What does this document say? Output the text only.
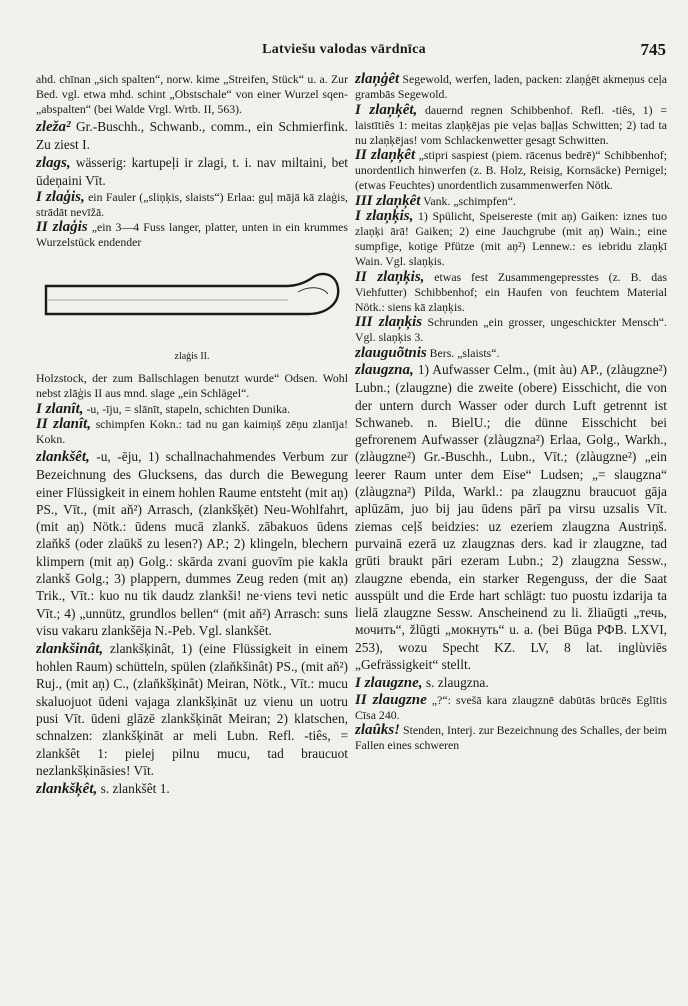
Latviešu valodas vārdnīca	745

ahd. chīnan „sich spalten“, norw. kime „Streifen, Stück“ u. a. Zur Bed. vgl. etwa mhd. schint „Obstschale“ von einer Wurzel sqen- „abspalten“ (bei Walde Vrgl. Wrtb. II, 563).

zleža² Gr.-Buschh., Schwanb., comm., ein Schmierfink. Zu ziest I.

zlags, wässerig: kartupeļi ir zlagi, t. i. nav miltaini, bet ūdeņaini Vīt.

I zlaģis, ein Fauler („sliņķis, slaists“) Erlaa: guļ mājā kā zlaģis, strādāt nevīžā.

II zlaģis „ein 3—4 Fuss langer, platter, unten in ein krummes Wurzelstück endender

zlaģis II.

Holzstock, der zum Ballschlagen benutzt wurde“ Odsen. Wohl nebst zlāģis II aus mnd. slage „ein Schlägel“.

I zlanît, -u, -īju, = slānīt, stapeln, schichten Dunika.

II zlanît, schimpfen Kokn.: tad nu gan kaimiņš zēņu zlanīja! Kokn.

zlankšêt, -u, -ēju, 1) schallnachahmendes Verbum zur Bezeichnung des Glucksens, das durch die Bewegung einer Flüssigkeit in einem hohlen Raume entsteht (mit aņ) PS., Vīt., (mit aň²) Arrasch, (zlankšķēt) Neu-Wohlfahrt, (mit aņ) Nötk.: ūdens mucā zlankš. zābakuos ūdens zlaňkš (oder zlaūkš zu lesen?) AP.; 2) klingeln, blechern klimpern (mit aņ) Golg.: skārda zvani guovīm pie kakla zlankš Golg.; 3) plappern, dummes Zeug reden (mit aņ) Trik., Vīt.: kuo nu tik daudz zlankši! ne·viens tevi netic Vīt.; 4) „unnütz, grundlos bellen“ (mit aň²) Arrasch: suns visu vakaru zlankšēja N.-Peb. Vgl. slankšēt.

zlankšinât, zlankšķinât, 1) (eine Flüssigkeit in einem hohlen Raum) schütteln, spülen (zlaňkšinât) PS., (mit aň²) Ruj., (mit aņ) C., (zlaňkšķinât) Meiran, Nötk., Vīt.: mucu skaluojuot ūdeni vajaga zlankšķināt uz vienu un uotru pusi Vīt. ūdeni glāzē zlankšķināt Meiran; 2) klatschen, schnalzen: zlankšķināt ar meli Lubn. Refl. -tiês, = zlankšêt 1: pielej pilnu mucu, tad braucuot nezlankšķināsies! Vīt.

zlankšķêt, s. zlankšêt 1.

zlaņģêt Segewold, werfen, laden, packen: zlaņģēt akmeņus ceļa grambās Segewold.

I zlaņķêt, dauernd regnen Schibbenhof. Refl. -tiês, 1) = laistītiês 1: meitas zlaņķējas pie veļas baļļas Schwitten; 2) tad ta nu zlaņķējas! vom Schlackenwetter gesagt Schwitten.

II zlaņķêt „stipri saspiest (piem. rācenus bedrē)“ Schibbenhof; unordentlich hinwerfen (z. B. Holz, Reisig, Kornsäcke) Pernigel; (etwas Feuchtes) unordentlich zusammenwerfen Nötk.

III zlaņķêt Vank. „schimpfen“.

I zlaņķis, 1) Spülicht, Speisereste (mit aņ) Gaiken: iznes tuo zlaņķi ārā! Gaiken; 2) eine Jauchgrube (mit aņ) Wain.; eine sumpfige, kotige Pfütze (mit aņ²) Lennew.: es iebridu zlaņķī Wain. Vgl. slaņķis.

II zlaņķis, etwas fest Zusammengepresstes (z. B. das Viehfutter) Schibbenhof; ein Haufen von feuchtem Material Nötk.: siens kā zlaņķis.

III zlaņķis Schrunden „ein grosser, ungeschickter Mensch“. Vgl. slaņķis 3.

zlauguõtnis Bers. „slaists“.

zlaugzna, 1) Aufwasser Celm., (mit àu) AP., (zlàugzne²) Lubn.; (zlaugzne) die zweite (obere) Eisschicht, die von der untern durch Wasser oder durch Luft getrennt ist Schwaneb. n. BielU.; die dünne Eisschicht bei gefrorenem Aufwasser (zlàugzna²) Erlaa, Golg., Warkh., (zlàugzne²) Gr.-Buschh., Lubn., Vīt.; (zlàugzne²) „ein leerer Raum unter dem Eise“ Ludsen; „= slaugzna“ (zlàugzna²) Pilda, Warkl.: pa zlaugznu braucuot gāja aplūzām, juo bij jau ūdens pārī pa virsu uzsalis Vīt. ziemas ceļš beidzies: uz ezeriem zlaugzna Austriņš. purvainā ezerā uz zlaugznas ders. kad ir zlaugzne, tad grūti braukt pāri ezeram Lubn.; 2) zlaugzna Sessw., zlaugzne ebenda, ein starker Regenguss, der die Saat ausspült und die Erde hart schlägt: tuo puostu izdarija ta lielā zlaugzne Sessw. Anscheinend zu li. žliaūgti „течь, мочить“, žlūgti „мокнуть“ u. a. (bei Būga РФВ. LXVI, 253), wozu Specht KZ. LV, 8 lat. inglùviēs „Gefrässigkeit“ stellt.

I zlaugzne, s. zlaugzna.

II zlaugzne „?“: svešā kara zlaugznē dabūtās brūcēs Eglītis Cīsa 240.

zlaûks! Stenden, Interj. zur Bezeichnung des Schalles, der beim Fallen eines schweren
